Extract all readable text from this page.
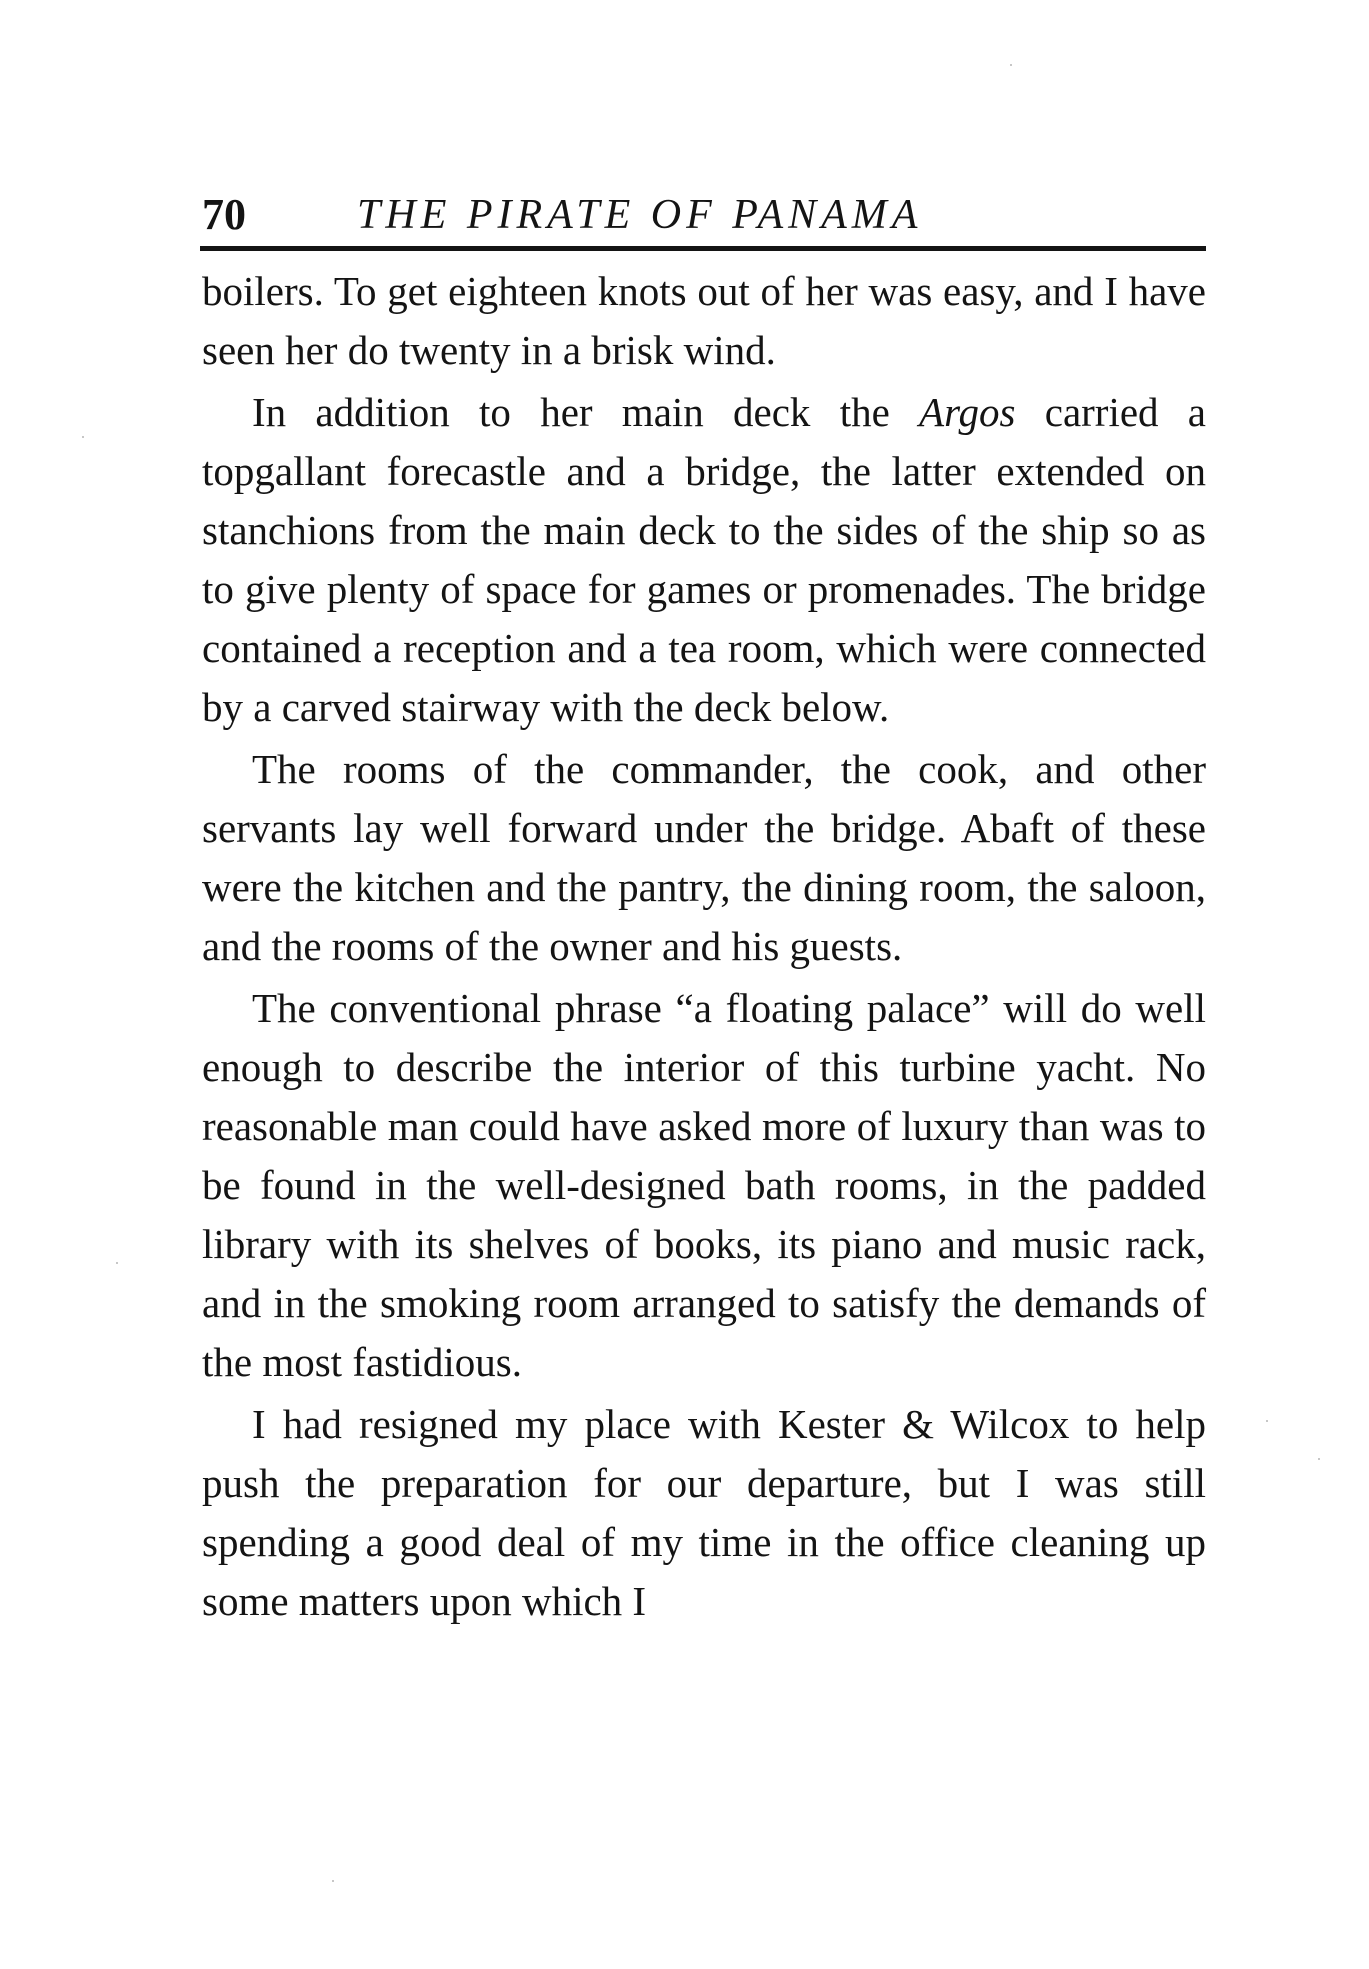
70	THE PIRATE OF PANAMA

boilers. To get eighteen knots out of her was easy, and I have seen her do twenty in a brisk wind.

In addition to her main deck the Argos carried a topgallant forecastle and a bridge, the latter extended on stanchions from the main deck to the sides of the ship so as to give plenty of space for games or promenades. The bridge contained a reception and a tea room, which were connected by a carved stairway with the deck below.

The rooms of the commander, the cook, and other servants lay well forward under the bridge. Abaft of these were the kitchen and the pantry, the dining room, the saloon, and the rooms of the owner and his guests.

The conventional phrase “a floating palace” will do well enough to describe the interior of this turbine yacht. No reasonable man could have asked more of luxury than was to be found in the well-designed bath rooms, in the padded library with its shelves of books, its piano and music rack, and in the smoking room arranged to satisfy the demands of the most fastidious.

I had resigned my place with Kester & Wilcox to help push the preparation for our departure, but I was still spending a good deal of my time in the office cleaning up some matters upon which I
